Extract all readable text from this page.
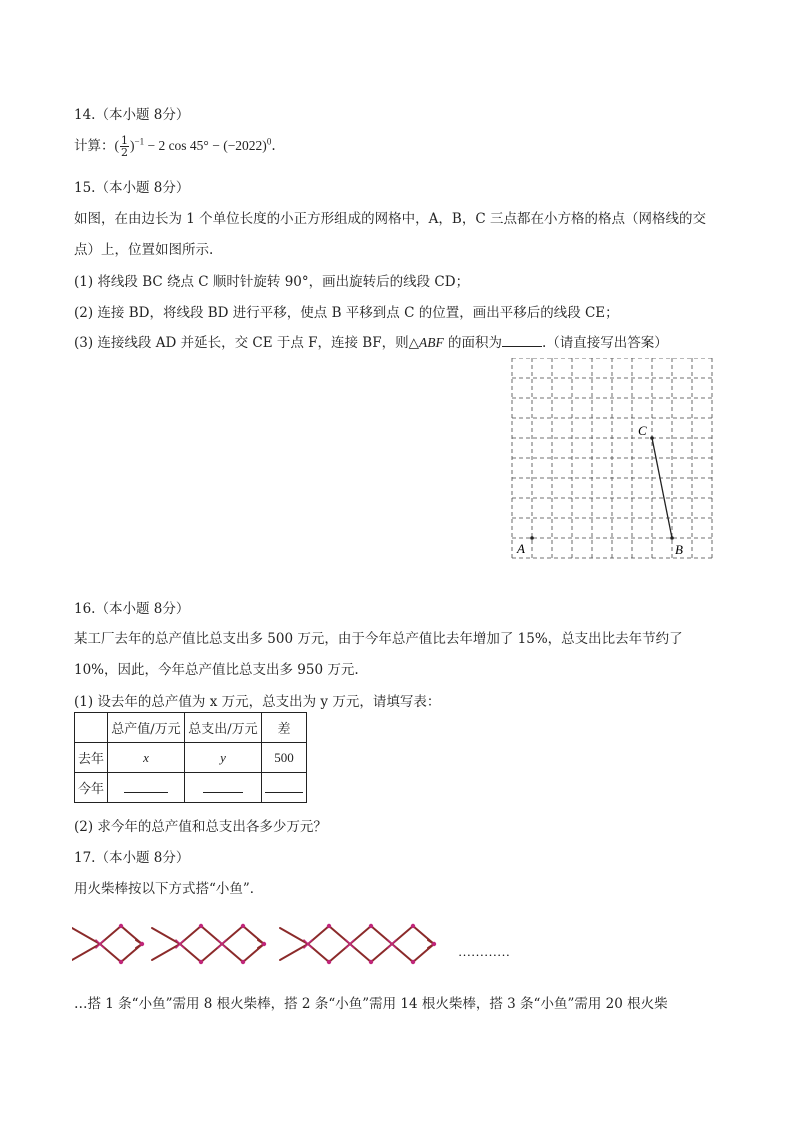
14.（本小题 8分）
计算：( $\frac{1}{2} )^{-1} - 2$ $\cos 45^\circ - (-2022)^0$.
15.（本小题 8分）
如图，在由边长为 1 个单位长度的小正方形组成的网格中，A，B，C 三点都在小方格的格点（网格线的交
点）上，位置如图所示.
(1) 将线段 BC 绕点 C 顺时针旋转 90°，画出旋转后的线段 CD；
(2) 连接 BD，将线段 BD 进行平移，使点 B 平移到点 C 的位置，画出平移后的线段 CE；
(3) 连接线段 AD 并延长，交 CE 于点 F，连接 BF，则△ABF 的面积为	.（请直接写出答案）
C
B
A
16.（本小题 8分）
某工厂去年的总产值比总支出多 500 万元，由于今年总产值比去年增加了 15%，总支出比去年节约了
10%，因此，今年总产值比总支出多 950 万元.
(1) 设去年的总产值为 x 万元，总支出为 y 万元，请填写表：
	总产值/万元	总支出/万元	差
去年	x	y	500
今年			
(2) 求今年的总产值和总支出各多少万元？
17.（本小题 8分）
用火柴棒按以下方式搭“小鱼”．
…………
…搭 1 条“小鱼”需用 8 根火柴棒，搭 2 条“小鱼”需用 14 根火柴棒，搭 3 条“小鱼”需用 20 根火柴
